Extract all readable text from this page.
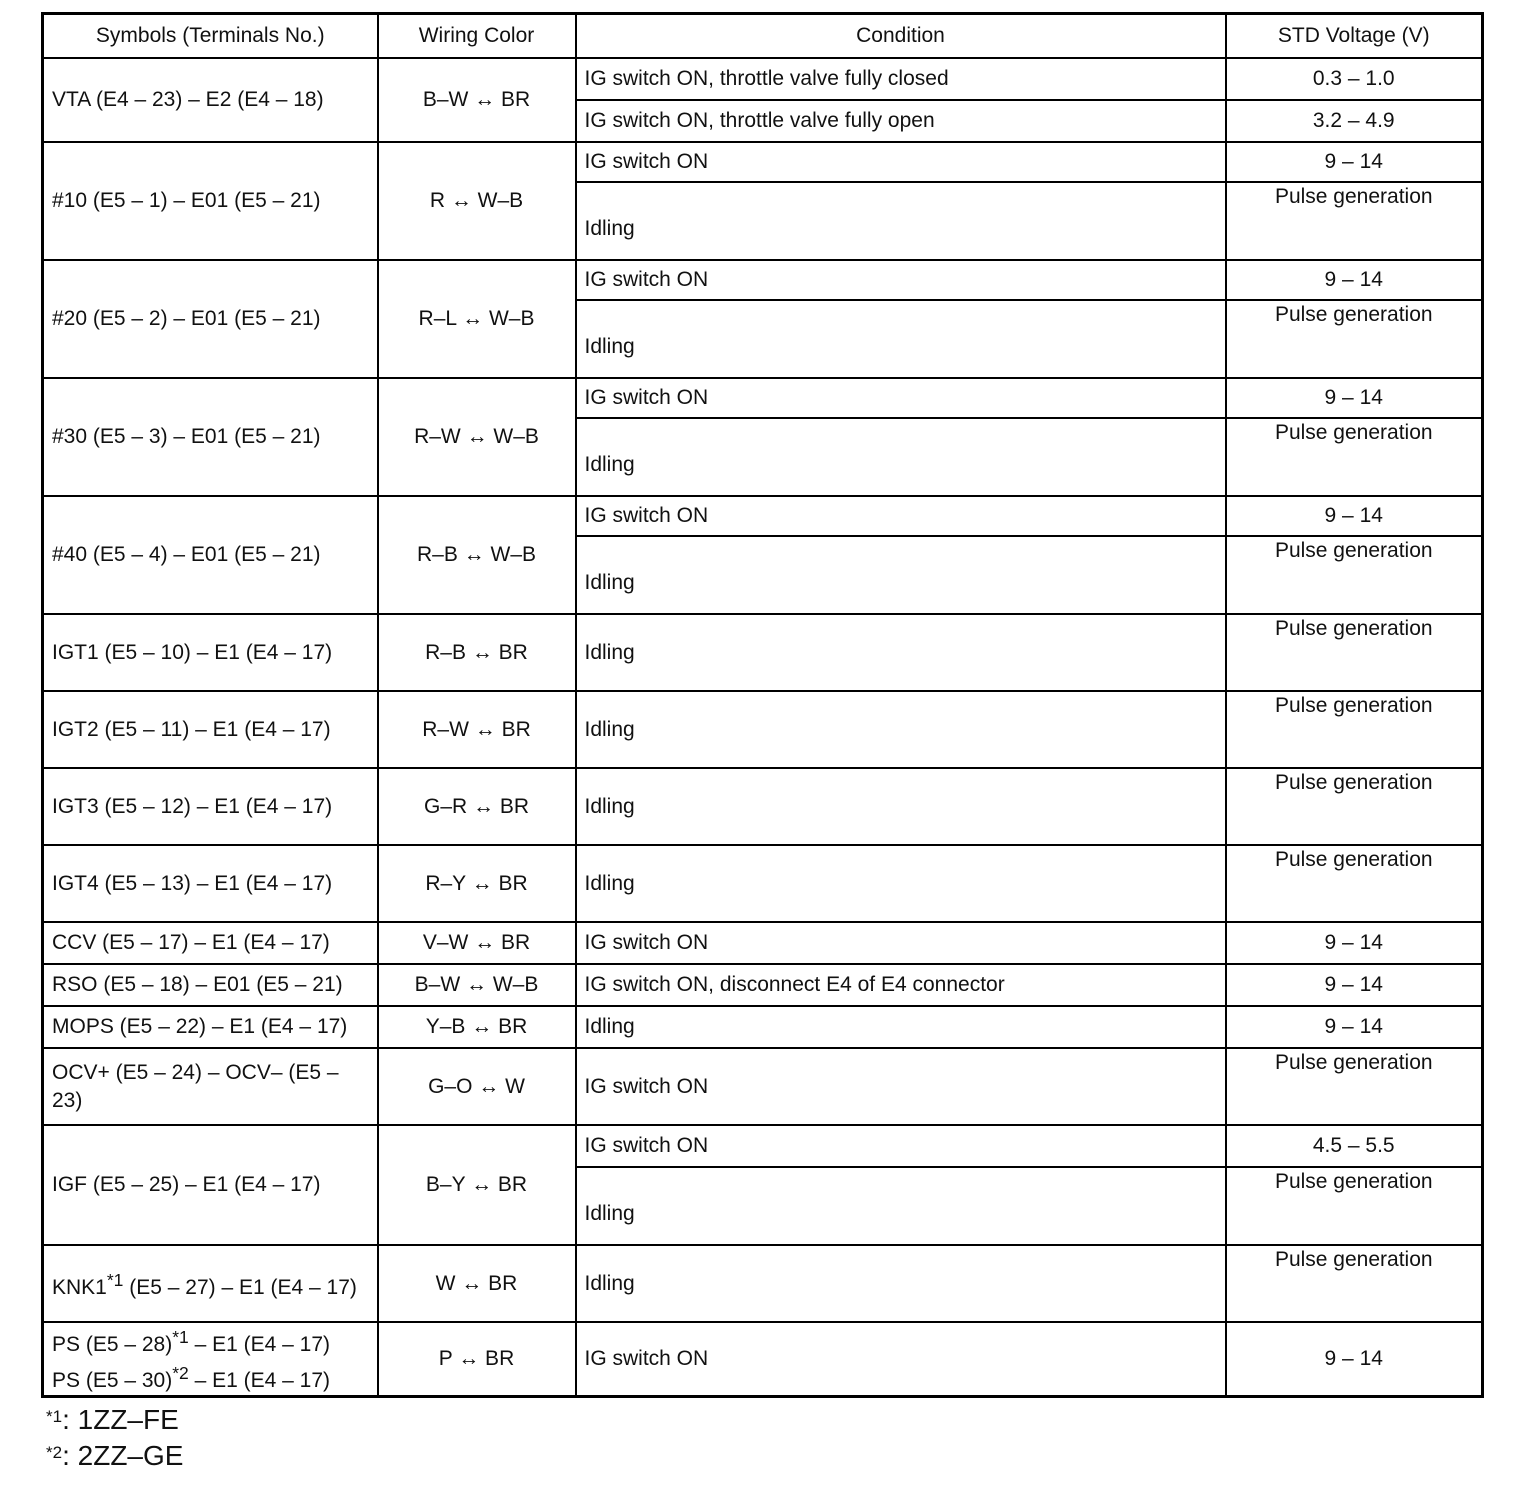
Symbols (Terminals No.)	Wiring Color	Condition	STD Voltage (V)
VTA (E4 – 23) – E2 (E4 – 18)	B–W ↔ BR	IG switch ON, throttle valve fully closed	0.3 – 1.0
		IG switch ON, throttle valve fully open	3.2 – 4.9
#10 (E5 – 1) – E01 (E5 – 21)	R ↔ W–B	IG switch ON	9 – 14
		Idling	Pulse generation
#20 (E5 – 2) – E01 (E5 – 21)	R–L ↔ W–B	IG switch ON	9 – 14
		Idling	Pulse generation
#30 (E5 – 3) – E01 (E5 – 21)	R–W ↔ W–B	IG switch ON	9 – 14
		Idling	Pulse generation
#40 (E5 – 4) – E01 (E5 – 21)	R–B ↔ W–B	IG switch ON	9 – 14
		Idling	Pulse generation
IGT1 (E5 – 10) – E1 (E4 – 17)	R–B ↔ BR	Idling	Pulse generation
IGT2 (E5 – 11) – E1 (E4 – 17)	R–W ↔ BR	Idling	Pulse generation
IGT3 (E5 – 12) – E1 (E4 – 17)	G–R ↔ BR	Idling	Pulse generation
IGT4 (E5 – 13) – E1 (E4 – 17)	R–Y ↔ BR	Idling	Pulse generation
CCV (E5 – 17) – E1 (E4 – 17)	V–W ↔ BR	IG switch ON	9 – 14
RSO (E5 – 18) – E01 (E5 – 21)	B–W ↔ W–B	IG switch ON, disconnect E4 of E4 connector	9 – 14
MOPS (E5 – 22) – E1 (E4 – 17)	Y–B ↔ BR	Idling	9 – 14
OCV+ (E5 – 24) – OCV– (E5 – 23)	G–O ↔ W	IG switch ON	Pulse generation
IGF (E5 – 25) – E1 (E4 – 17)	B–Y ↔ BR	IG switch ON	4.5 – 5.5
		Idling	Pulse generation

KNK1$^{*1}$ (E5 – 27) – E1 (E4 – 17)	W ↔ BR	Idling	Pulse generation

PS (E5 – 28)$^{*1}$ – E1 (E4 – 17)
PS (E5 – 30)$^{*2}$ – E1 (E4 – 17)	P ↔ BR	IG switch ON	9 – 14
$^{*1}$: 1ZZ–FE
$^{*2}$: 2ZZ–GE
